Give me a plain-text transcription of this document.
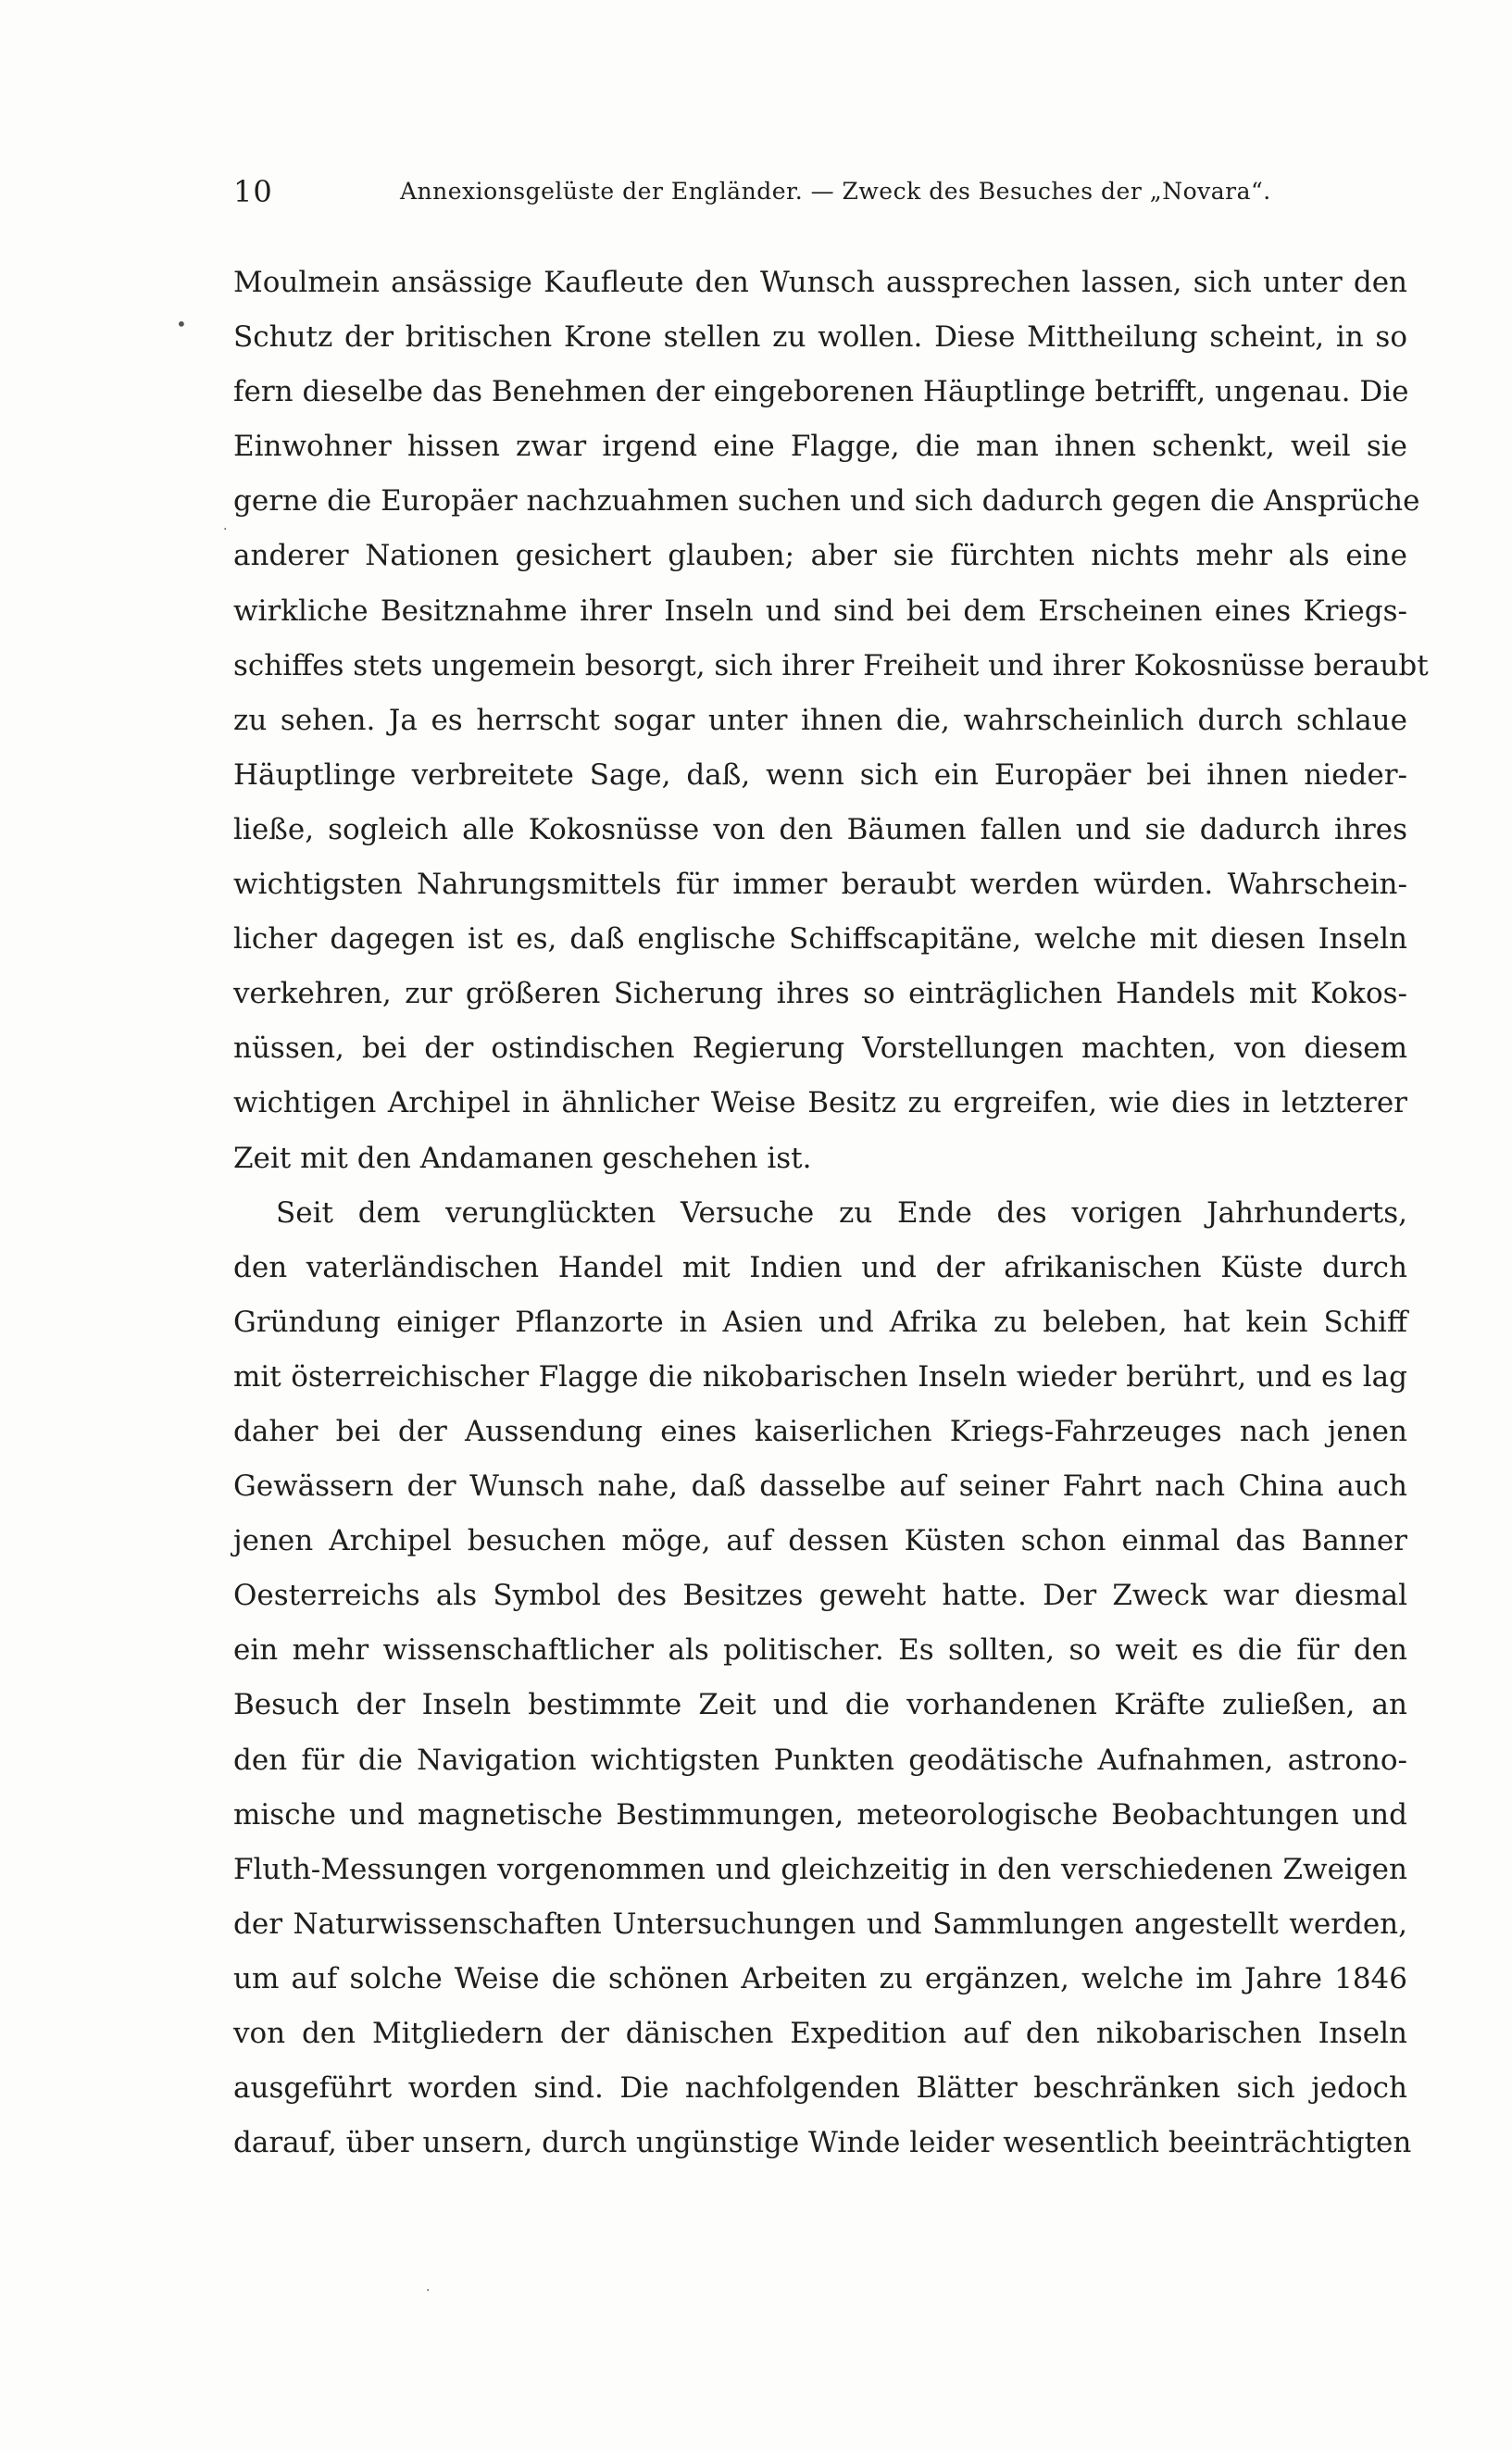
10	Annexionsgelüste der Engländer. — Zweck des Besuches der „Novara“.
•
.
·
Moulmein ansässige Kaufleute den Wunsch aussprechen lassen, sich unter den
Schutz der britischen Krone stellen zu wollen. Diese Mittheilung scheint, in so
fern dieselbe das Benehmen der eingeborenen Häuptlinge betrifft, ungenau. Die
Einwohner hissen zwar irgend eine Flagge, die man ihnen schenkt, weil sie
gerne die Europäer nachzuahmen suchen und sich dadurch gegen die Ansprüche
anderer Nationen gesichert glauben; aber sie fürchten nichts mehr als eine
wirkliche Besitznahme ihrer Inseln und sind bei dem Erscheinen eines Kriegs-
schiffes stets ungemein besorgt, sich ihrer Freiheit und ihrer Kokosnüsse beraubt
zu sehen. Ja es herrscht sogar unter ihnen die, wahrscheinlich durch schlaue
Häuptlinge verbreitete Sage, daß, wenn sich ein Europäer bei ihnen nieder-
ließe, sogleich alle Kokosnüsse von den Bäumen fallen und sie dadurch ihres
wichtigsten Nahrungsmittels für immer beraubt werden würden. Wahrschein-
licher dagegen ist es, daß englische Schiffscapitäne, welche mit diesen Inseln
verkehren, zur größeren Sicherung ihres so einträglichen Handels mit Kokos-
nüssen, bei der ostindischen Regierung Vorstellungen machten, von diesem
wichtigen Archipel in ähnlicher Weise Besitz zu ergreifen, wie dies in letzterer
Zeit mit den Andamanen geschehen ist.
Seit dem verunglückten Versuche zu Ende des vorigen Jahrhunderts,
den vaterländischen Handel mit Indien und der afrikanischen Küste durch
Gründung einiger Pflanzorte in Asien und Afrika zu beleben, hat kein Schiff
mit österreichischer Flagge die nikobarischen Inseln wieder berührt, und es lag
daher bei der Aussendung eines kaiserlichen Kriegs-Fahrzeuges nach jenen
Gewässern der Wunsch nahe, daß dasselbe auf seiner Fahrt nach China auch
jenen Archipel besuchen möge, auf dessen Küsten schon einmal das Banner
Oesterreichs als Symbol des Besitzes geweht hatte. Der Zweck war diesmal
ein mehr wissenschaftlicher als politischer. Es sollten, so weit es die für den
Besuch der Inseln bestimmte Zeit und die vorhandenen Kräfte zuließen, an
den für die Navigation wichtigsten Punkten geodätische Aufnahmen, astrono-
mische und magnetische Bestimmungen, meteorologische Beobachtungen und
Fluth-Messungen vorgenommen und gleichzeitig in den verschiedenen Zweigen
der Naturwissenschaften Untersuchungen und Sammlungen angestellt werden,
um auf solche Weise die schönen Arbeiten zu ergänzen, welche im Jahre 1846
von den Mitgliedern der dänischen Expedition auf den nikobarischen Inseln
ausgeführt worden sind. Die nachfolgenden Blätter beschränken sich jedoch
darauf, über unsern, durch ungünstige Winde leider wesentlich beeinträchtigten
